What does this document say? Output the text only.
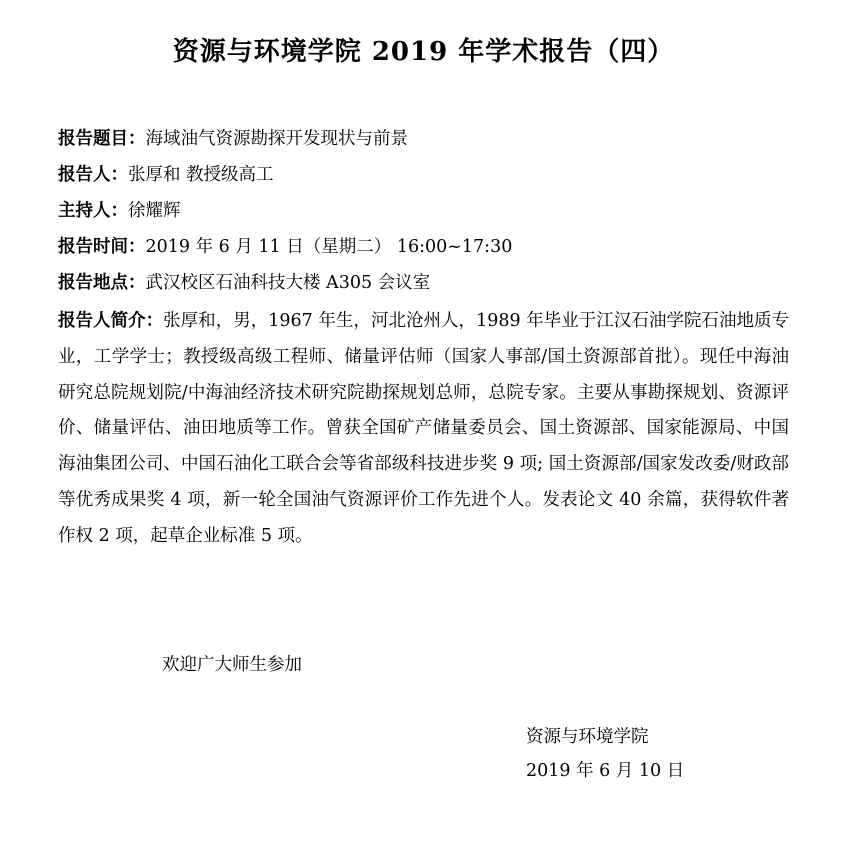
资源与环境学院 2019 年学术报告（四）
报告题目：海域油气资源勘探开发现状与前景
报告人：张厚和 教授级高工
主持人：徐耀辉
报告时间：2019 年 6 月 11 日（星期二） 16:00~17:30
报告地点：武汉校区石油科技大楼 A305 会议室
报告人简介：张厚和，男，1967 年生，河北沧州人，1989 年毕业于江汉石油学院石油地质专业，工学学士；教授级高级工程师、储量评估师（国家人事部/国土资源部首批）。现任中海油研究总院规划院/中海油经济技术研究院勘探规划总师，总院专家。主要从事勘探规划、资源评价、储量评估、油田地质等工作。曾获全国矿产储量委员会、国土资源部、国家能源局、中国海油集团公司、中国石油化工联合会等省部级科技进步奖 9 项; 国土资源部/国家发改委/财政部等优秀成果奖 4 项，新一轮全国油气资源评价工作先进个人。发表论文 40 余篇，获得软件著作权 2 项，起草企业标准 5 项。
欢迎广大师生参加
资源与环境学院
2019 年 6 月 10 日
